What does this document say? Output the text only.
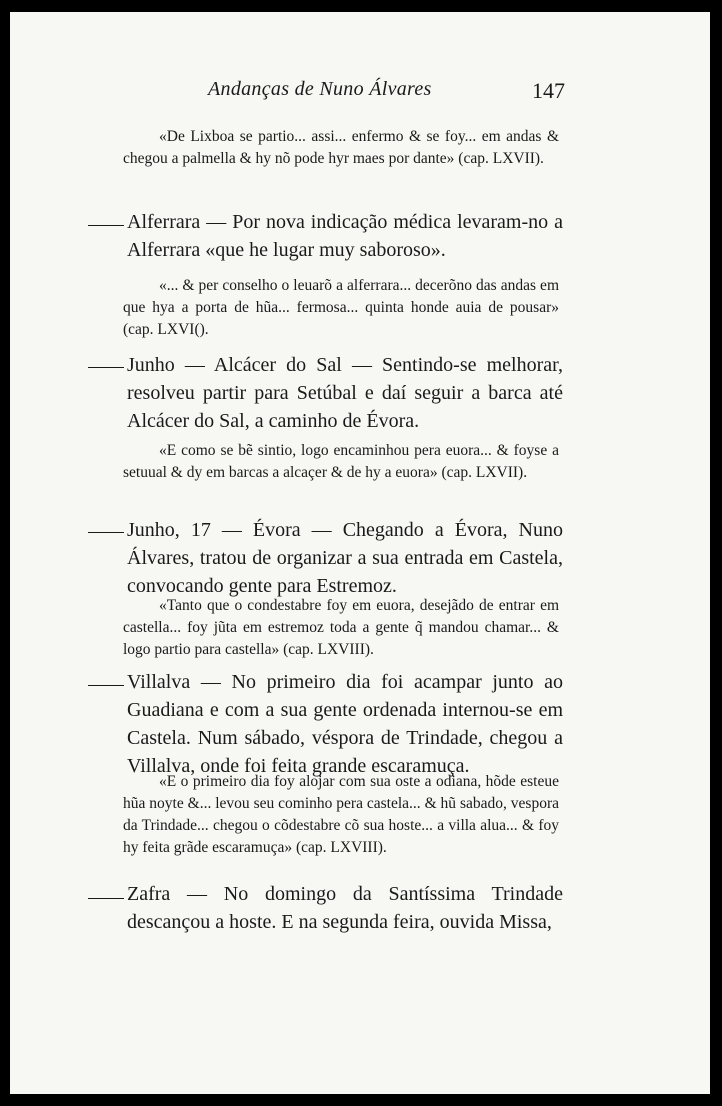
Andanças de Nuno Álvares	147
«De Lixboa se partio... assi... enfermo & se foy... em andas & chegou a palmella & hy nõ pode hyr maes por dante» (cap. LXVII).
Alferrara — Por nova indicação médica levaram-no a Alferrara «que he lugar muy saboroso».
«... & per conselho o leuarõ a alferrara... decerõno das andas em que hya a porta de hũa... fermosa... quinta honde auia de pousar» (cap. LXVI().
Junho — Alcácer do Sal — Sentindo-se melhorar, resolveu partir para Setúbal e daí seguir a barca até Alcácer do Sal, a caminho de Évora.
«E como se bẽ sintio, logo encaminhou pera euora... & foyse a setuual & dy em barcas a alcaçer & de hy a euora» (cap. LXVII).
Junho, 17 — Évora — Chegando a Évora, Nuno Álvares, tratou de organizar a sua entrada em Castela, convocando gente para Estremoz.
«Tanto que o condestabre foy em euora, desejãdo de entrar em castella... foy jũta em estremoz toda a gente q̃ mandou chamar... & logo partio para castella» (cap. LXVIII).
Villalva — No primeiro dia foi acampar junto ao Guadiana e com a sua gente ordenada internou-se em Castela. Num sábado, véspora de Trindade, chegou a Villalva, onde foi feita grande escaramuça.
«E o primeiro dia foy alojar com sua oste a odiana, hõde esteue hũa noyte &... levou seu cominho pera castela... & hũ sabado, vespora da Trindade... chegou o cõdestabre cõ sua hoste... a villa alua... & foy hy feita grãde escaramuça» (cap. LXVIII).
Zafra — No domingo da Santíssima Trindade descançou a hoste. E na segunda feira, ouvida Missa,
